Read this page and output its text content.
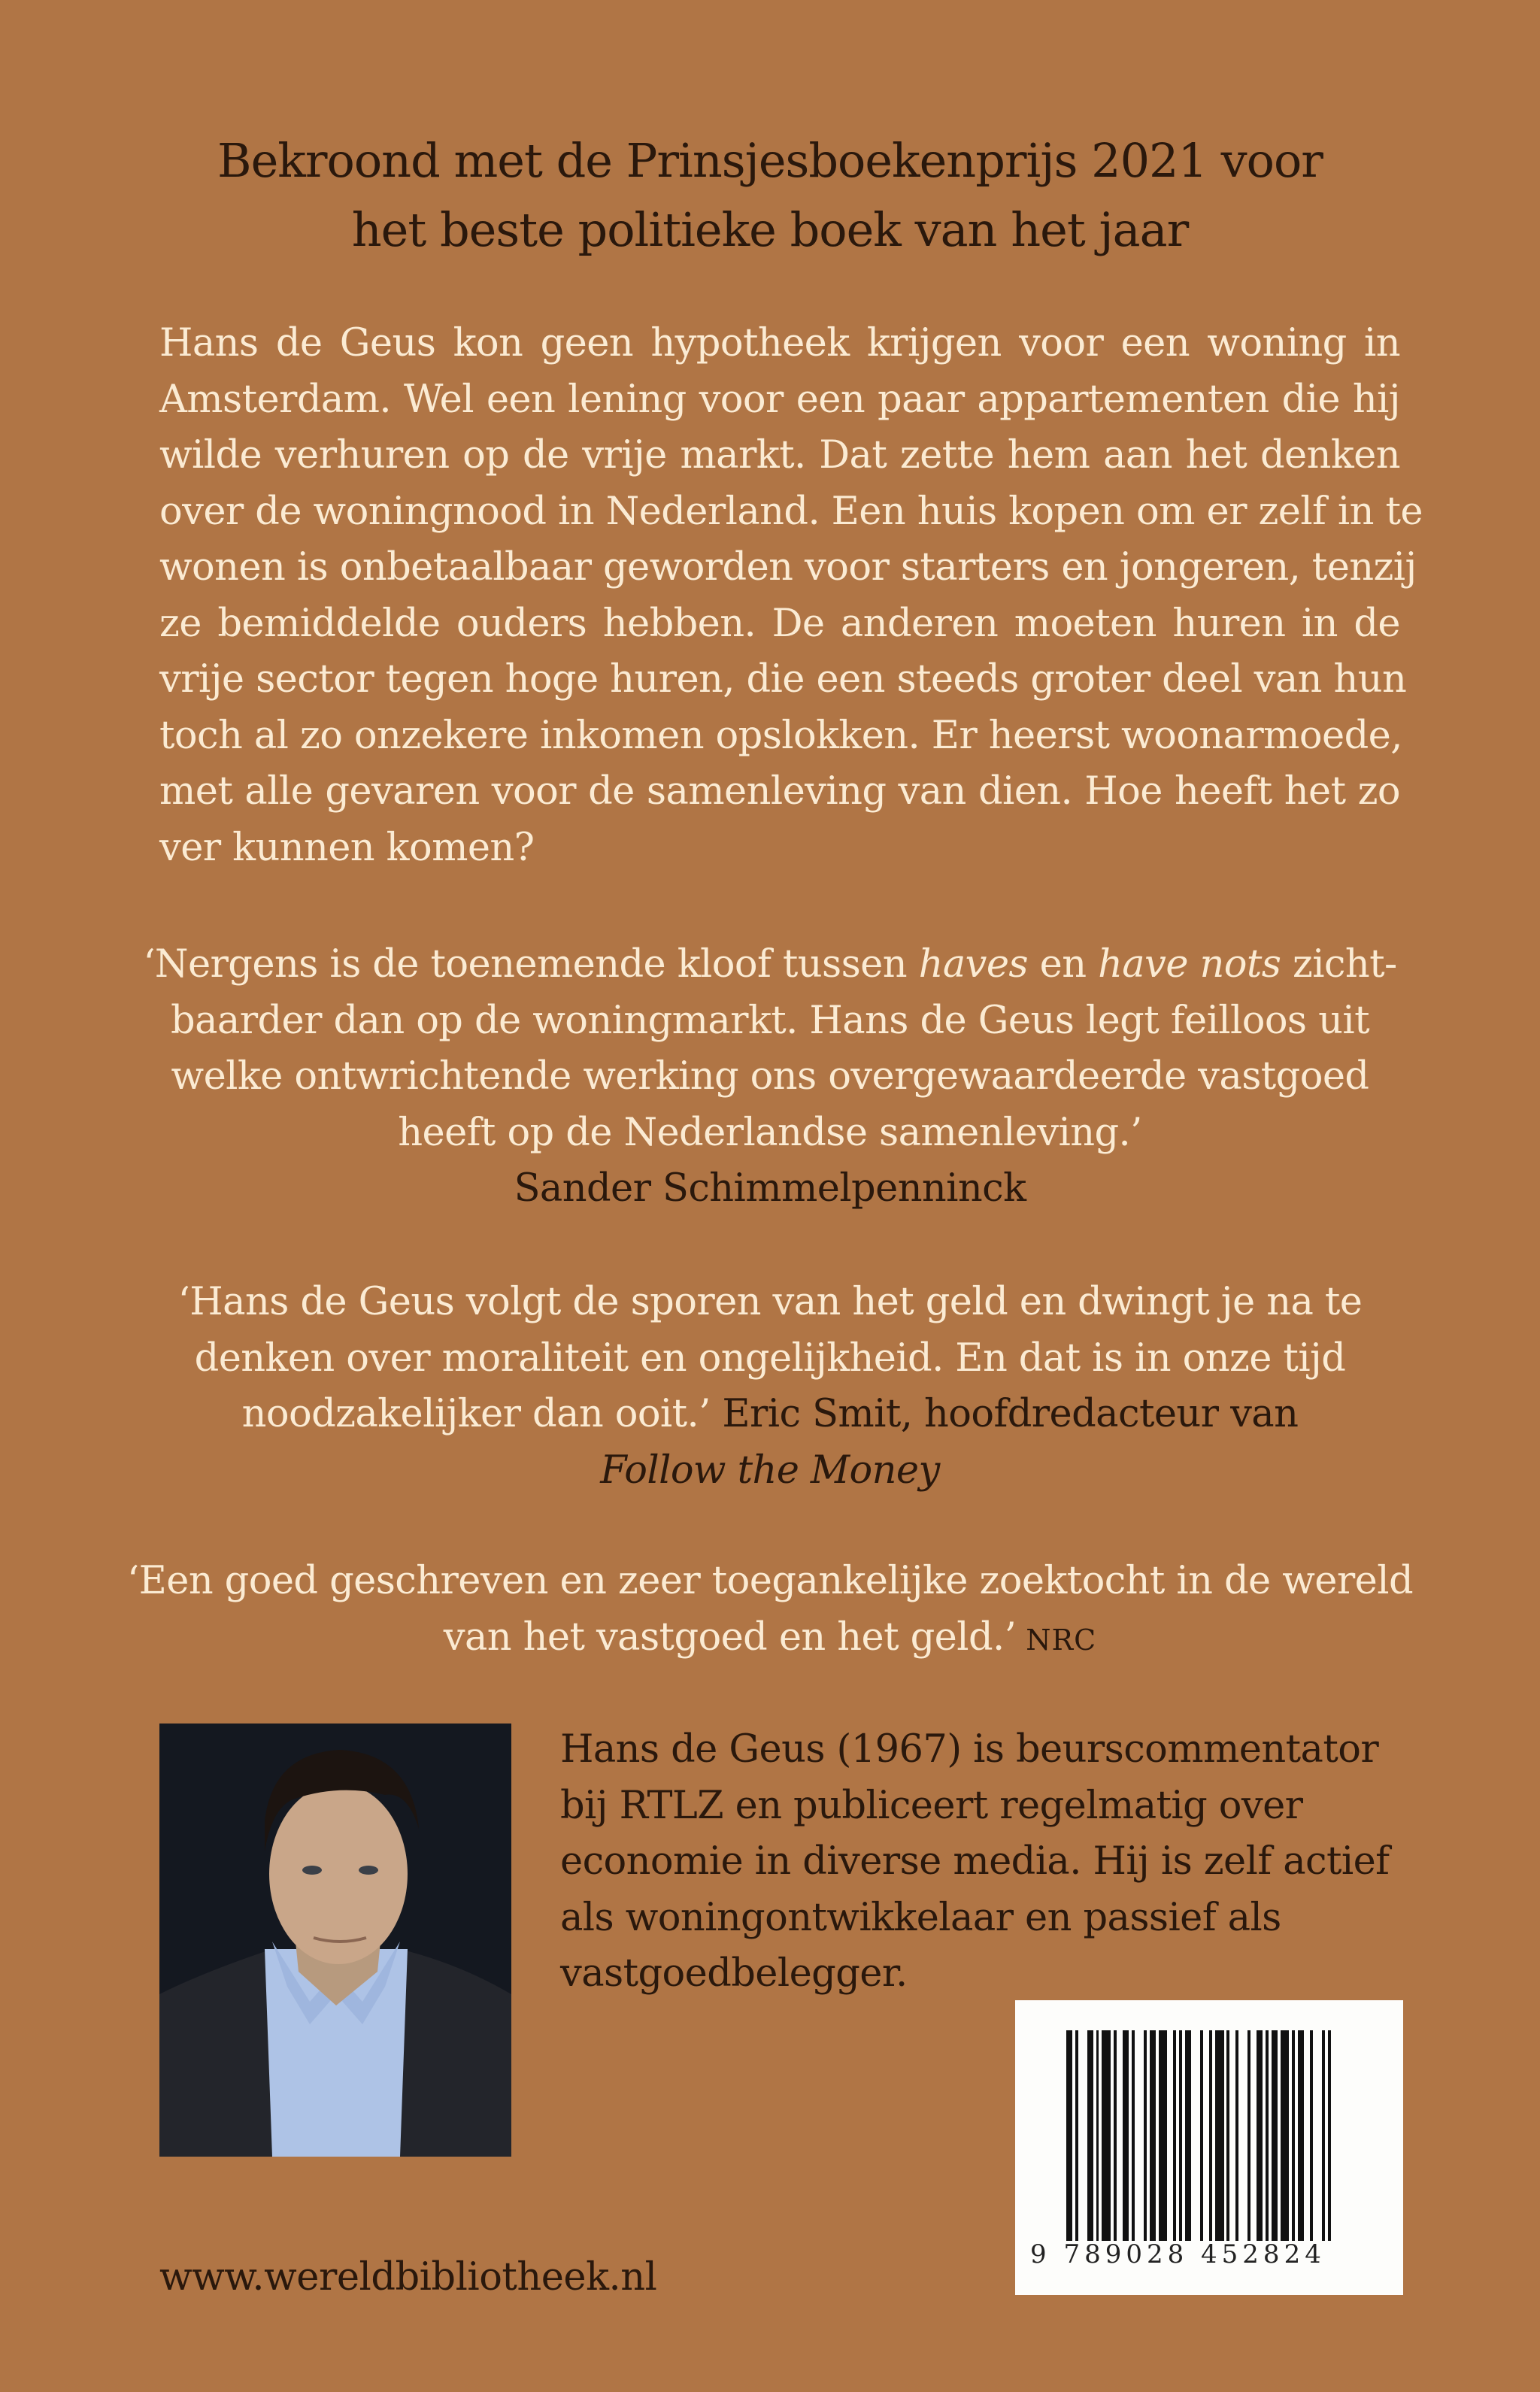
Bekroond met de Prinsjesboekenprijs 2021 voor
het beste politieke boek van het jaar
Hans de Geus kon geen hypotheek krijgen voor een woning in
Amsterdam. Wel een lening voor een paar appartementen die hij
wilde verhuren op de vrije markt. Dat zette hem aan het denken
over de woningnood in Nederland. Een huis kopen om er zelf in te
wonen is onbetaalbaar geworden voor starters en jongeren, tenzij
ze bemiddelde ouders hebben. De anderen moeten huren in de
vrije sector tegen hoge huren, die een steeds groter deel van hun
toch al zo onzekere inkomen opslokken. Er heerst woonarmoede,
met alle gevaren voor de samenleving van dien. Hoe heeft het zo
ver kunnen komen?
‘Nergens is de toenemende kloof tussen haves en have nots zicht-
baarder dan op de woningmarkt. Hans de Geus legt feilloos uit
welke ontwrichtende werking ons overgewaardeerde vastgoed
heeft op de Nederlandse samenleving.’
Sander Schimmelpenninck
‘Hans de Geus volgt de sporen van het geld en dwingt je na te
denken over moraliteit en ongelijkheid. En dat is in onze tijd
noodzakelijker dan ooit.’ Eric Smit, hoofdredacteur van
Follow the Money
‘Een goed geschreven en zeer toegankelijke zoektocht in de wereld
van het vastgoed en het geld.’ NRC
Hans de Geus (1967) is beurscommentator
bij RTLZ en publiceert regelmatig over
economie in diverse media. Hij is zelf actief
als woningontwikkelaar en passief als
vastgoedbelegger.
9 789028 452824
www.wereldbibliotheek.nl
